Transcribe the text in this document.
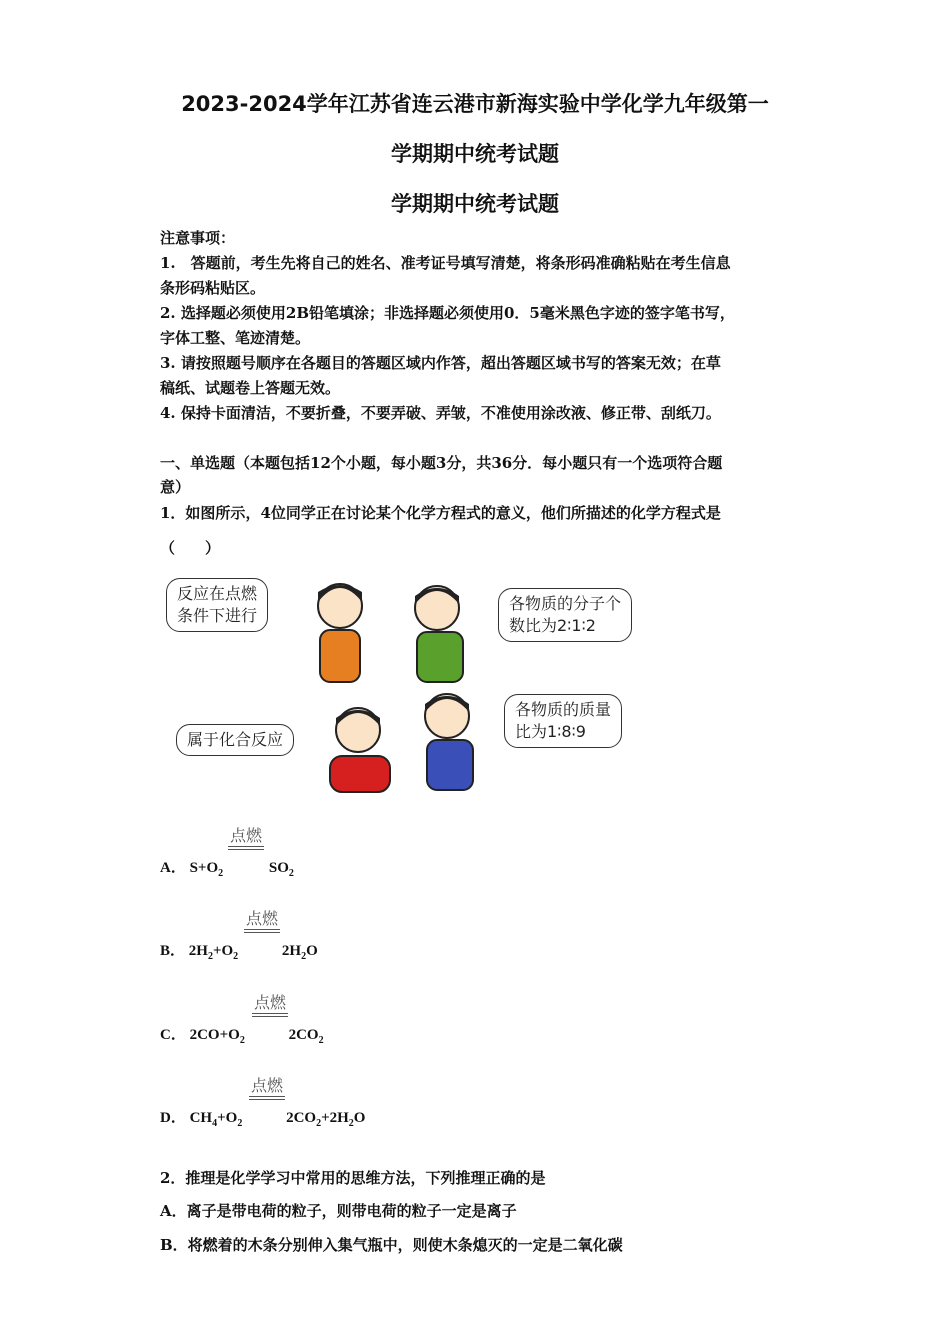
2023-2024学年江苏省连云港市新海实验中学化学九年级第一
学期期中统考试题
学期期中统考试题
注意事项：
1.　答题前，考生先将自己的姓名、准考证号填写清楚，将条形码准确粘贴在考生信息
条形码粘贴区。
2. 选择题必须使用2B铅笔填涂；非选择题必须使用0．5毫米黑色字迹的签字笔书写，
字体工整、笔迹清楚。
3. 请按照题号顺序在各题目的答题区域内作答，超出答题区域书写的答案无效；在草
稿纸、试题卷上答题无效。
4. 保持卡面清洁，不要折叠，不要弄破、弄皱，不准使用涂改液、修正带、刮纸刀。
一、单选题（本题包括12个小题，每小题3分，共36分．每小题只有一个选项符合题
意）
1．如图所示，4位同学正在讨论某个化学方程式的意义，他们所描述的化学方程式是
（　　）
反应在点燃
条件下进行
各物质的分子个
数比为2∶1∶2
属于化合反应
各物质的质量
比为1∶8∶9
A． $S+O_2$
点燃
$SO_2$
B． $2H_2+O_2$
点燃
$2H_2O$
C． $2CO+O_2$
点燃
$2CO_2$
D． $CH_4+O_2$
点燃
$2CO_2+2H_2O$
2．推理是化学学习中常用的思维方法，下列推理正确的是
A．离子是带电荷的粒子，则带电荷的粒子一定是离子
B．将燃着的木条分别伸入集气瓶中，则使木条熄灭的一定是二氧化碳
